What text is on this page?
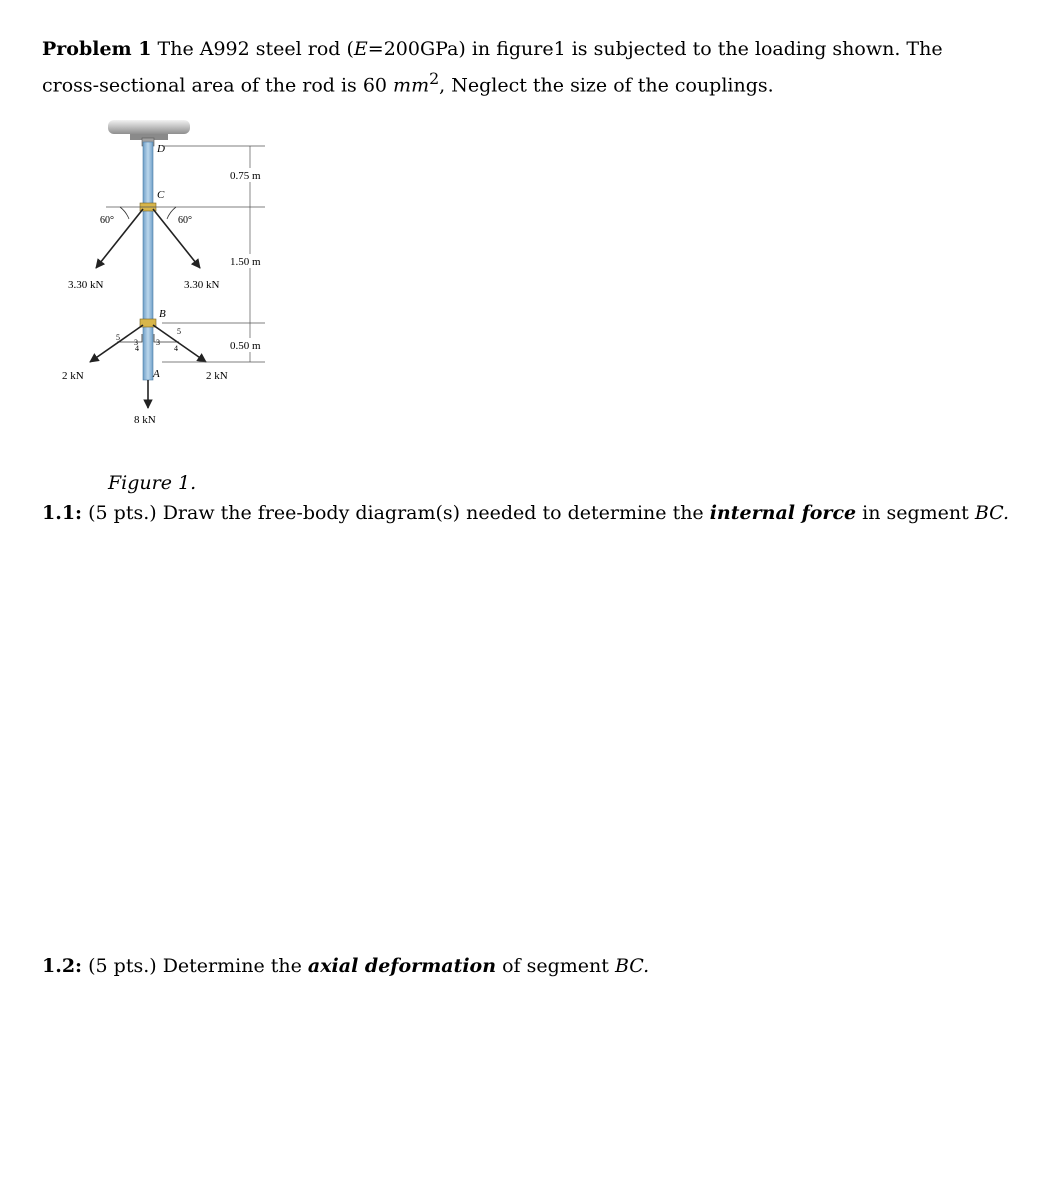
Problem 1 The A992 steel rod (E=200GPa) in figure1 is subjected to the loading shown. The cross-sectional area of the rod is 60 $mm^2$, Neglect the size of the couplings.
D
C
B
A
60°	60°
3.30 kN	3.30 kN
5
4
3
5
4
3
2 kN	2 kN
8 kN
0.75 m
1.50 m
0.50 m
Figure 1.
1.1: (5 pts.) Draw the free-body diagram(s) needed to determine the internal force in segment BC.
1.2: (5 pts.) Determine the axial deformation of segment BC.
